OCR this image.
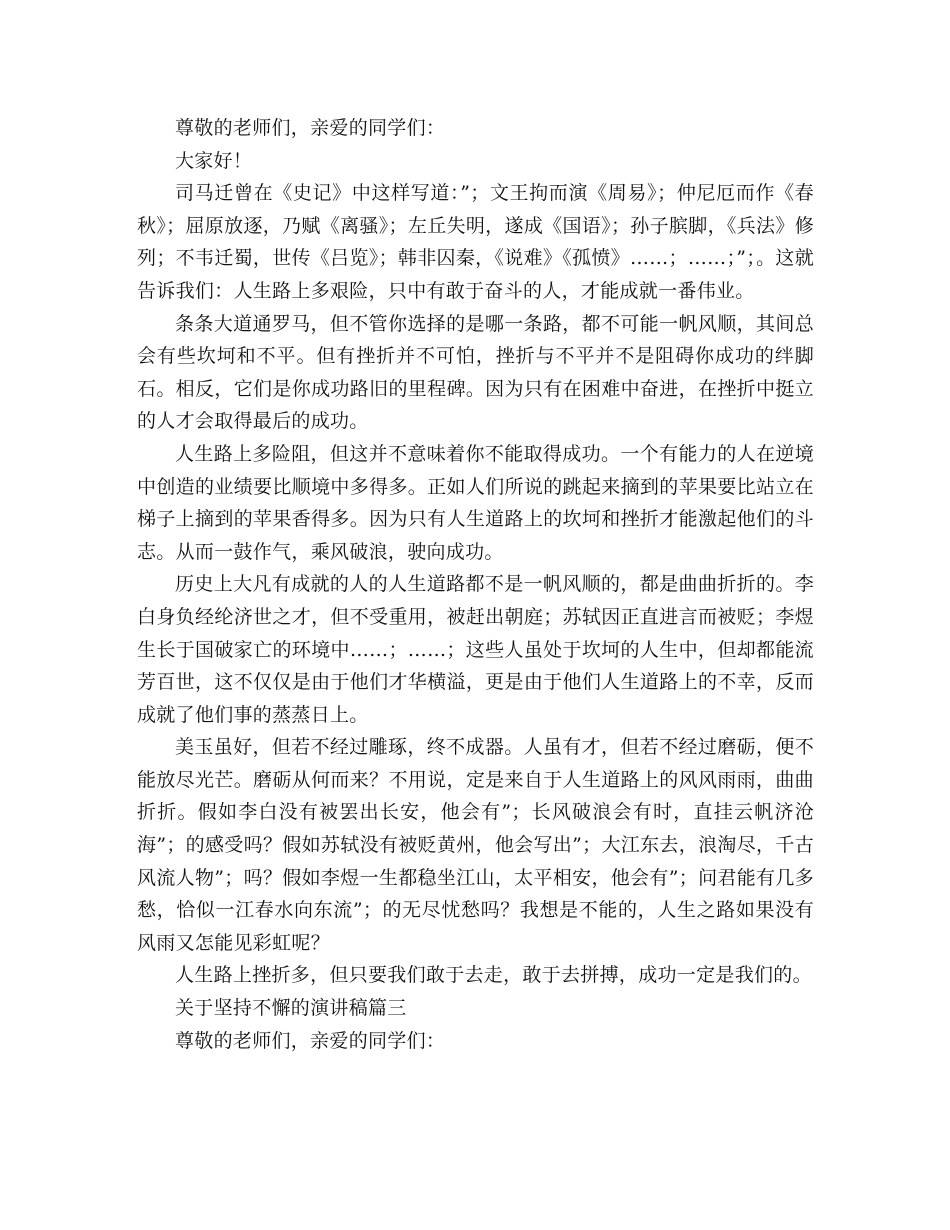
尊敬的老师们，亲爱的同学们：

大家好！

司马迁曾在《史记》中这样写道：”；文王拘而演《周易》；仲尼厄而作《春秋》；屈原放逐，乃赋《离骚》；左丘失明，遂成《国语》；孙子膑脚，《兵法》修列；不韦迁蜀，世传《吕览》；韩非囚秦，《说难》《孤愤》……；……；”；。这就告诉我们：人生路上多艰险，只中有敢于奋斗的人，才能成就一番伟业。

条条大道通罗马，但不管你选择的是哪一条路，都不可能一帆风顺，其间总会有些坎坷和不平。但有挫折并不可怕，挫折与不平并不是阻碍你成功的绊脚石。相反，它们是你成功路旧的里程碑。因为只有在困难中奋进，在挫折中挺立的人才会取得最后的成功。

人生路上多险阻，但这并不意味着你不能取得成功。一个有能力的人在逆境中创造的业绩要比顺境中多得多。正如人们所说的跳起来摘到的苹果要比站立在梯子上摘到的苹果香得多。因为只有人生道路上的坎坷和挫折才能激起他们的斗志。从而一鼓作气，乘风破浪，驶向成功。

历史上大凡有成就的人的人生道路都不是一帆风顺的，都是曲曲折折的。李白身负经纶济世之才，但不受重用，被赶出朝庭；苏轼因正直进言而被贬；李煜生长于国破家亡的环境中……；……；这些人虽处于坎坷的人生中，但却都能流芳百世，这不仅仅是由于他们才华横溢，更是由于他们人生道路上的不幸，反而成就了他们事的蒸蒸日上。

美玉虽好，但若不经过雕琢，终不成器。人虽有才，但若不经过磨砺，便不能放尽光芒。磨砺从何而来？不用说，定是来自于人生道路上的风风雨雨，曲曲折折。假如李白没有被罢出长安，他会有”；长风破浪会有时，直挂云帆济沧海”；的感受吗？假如苏轼没有被贬黄州，他会写出”；大江东去，浪淘尽，千古风流人物”；吗？假如李煜一生都稳坐江山，太平相安，他会有”；问君能有几多愁，恰似一江春水向东流”；的无尽忧愁吗？我想是不能的，人生之路如果没有风雨又怎能见彩虹呢？

人生路上挫折多，但只要我们敢于去走，敢于去拼搏，成功一定是我们的。

关于坚持不懈的演讲稿篇三

尊敬的老师们，亲爱的同学们：
